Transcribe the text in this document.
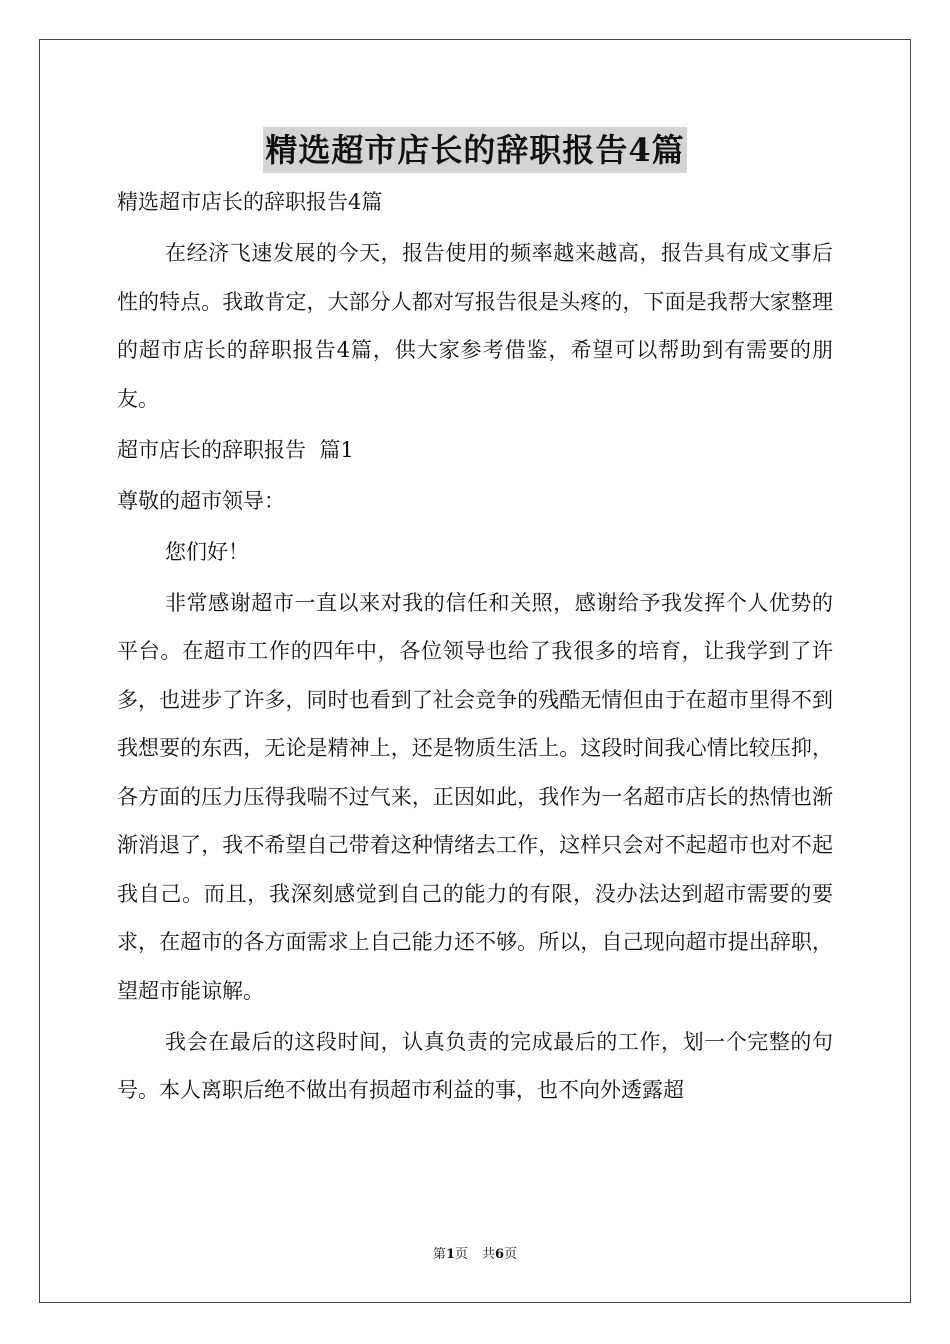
精选超市店长的辞职报告4篇

精选超市店长的辞职报告4篇

在经济飞速发展的今天，报告使用的频率越来越高，报告具有成文事后性的特点。我敢肯定，大部分人都对写报告很是头疼的，下面是我帮大家整理的超市店长的辞职报告4篇，供大家参考借鉴，希望可以帮助到有需要的朋友。

超市店长的辞职报告  篇1

尊敬的超市领导：

您们好！

非常感谢超市一直以来对我的信任和关照，感谢给予我发挥个人优势的平台。在超市工作的四年中，各位领导也给了我很多的培育，让我学到了许多，也进步了许多，同时也看到了社会竞争的残酷无情但由于在超市里得不到我想要的东西，无论是精神上，还是物质生活上。这段时间我心情比较压抑，各方面的压力压得我喘不过气来，正因如此，我作为一名超市店长的热情也渐渐消退了，我不希望自己带着这种情绪去工作，这样只会对不起超市也对不起我自己。而且，我深刻感觉到自己的能力的有限，没办法达到超市需要的要求，在超市的各方面需求上自己能力还不够。所以，自己现向超市提出辞职，望超市能谅解。

我会在最后的这段时间，认真负责的完成最后的工作，划一个完整的句号。本人离职后绝不做出有损超市利益的事，也不向外透露超

第1页 共6页
